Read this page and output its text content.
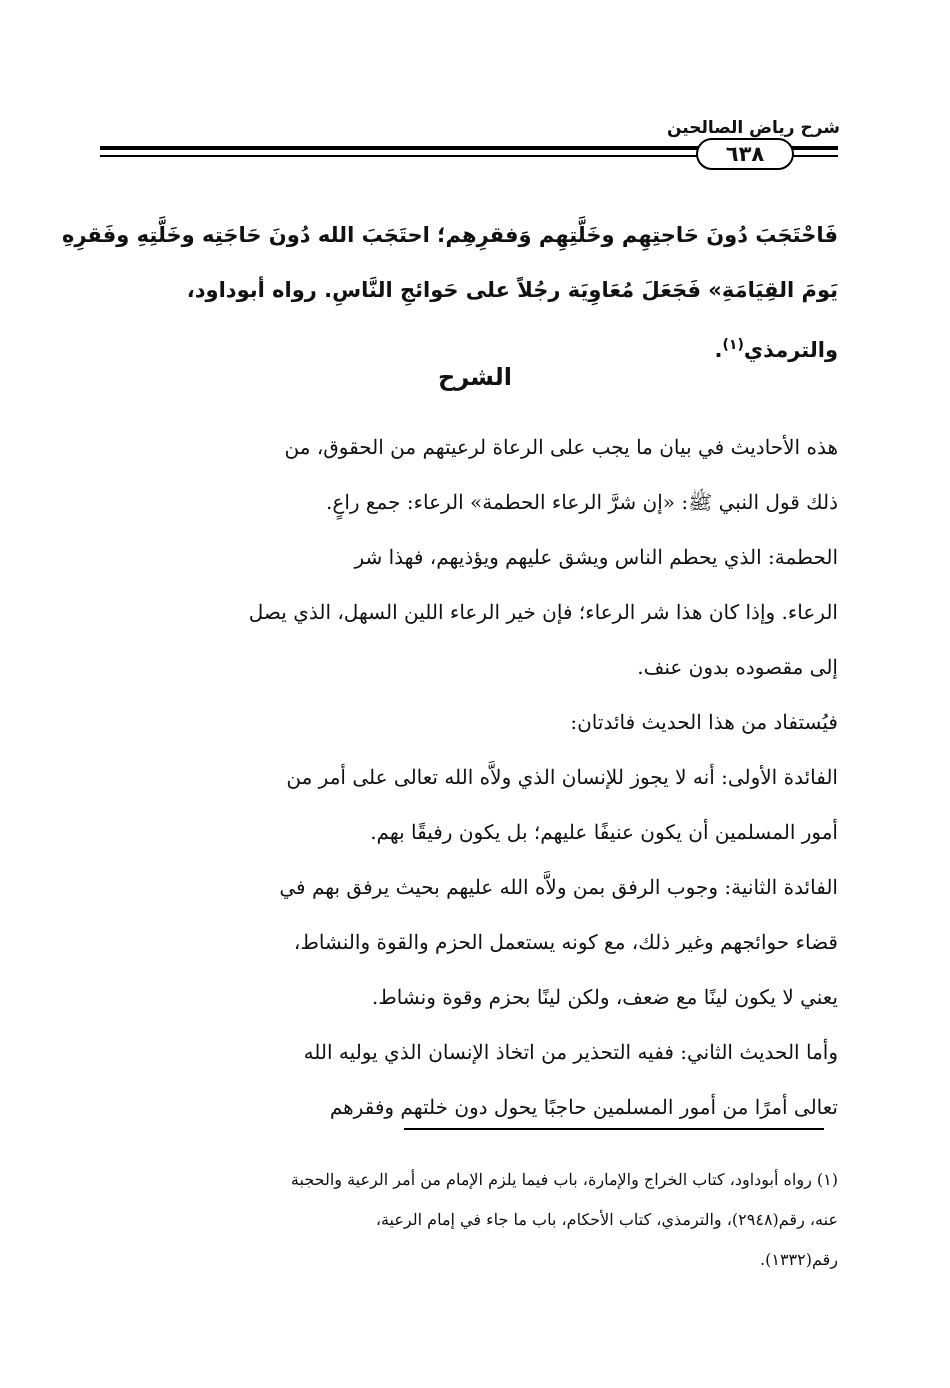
شرح رياض الصالحين
٦٣٨

فَاحْتَجَبَ دُونَ حَاجتِهِم وخَلَّتِهِم وَفقرِهِم؛ احتَجَبَ الله دُونَ حَاجَتِه وخَلَّتِهِ وفَقرِهِ

يَومَ القِيَامَةِ» فَجَعَلَ مُعَاوِيَة رجُلاً على حَوائجِ النَّاسِ. رواه أبوداود،

والترمذي$^{(١)}$.

الشرح

هذه الأحاديث في بيان ما يجب على الرعاة لرعيتهم من الحقوق، من

ذلك قول النبي ﷺ: «إن شرَّ الرعاء الحطمة» الرعاء: جمع راعٍ.

الحطمة: الذي يحطم الناس ويشق عليهم ويؤذيهم، فهذا شر

الرعاء. وإذا كان هذا شر الرعاء؛ فإن خير الرعاء اللين السهل، الذي يصل

إلى مقصوده بدون عنف.

فيُستفاد من هذا الحديث فائدتان:

الفائدة الأولى: أنه لا يجوز للإنسان الذي ولاَّه الله تعالى على أمر من

أمور المسلمين أن يكون عنيفًا عليهم؛ بل يكون رفيقًا بهم.

الفائدة الثانية: وجوب الرفق بمن ولاَّه الله عليهم بحيث يرفق بهم في

قضاء حوائجهم وغير ذلك، مع كونه يستعمل الحزم والقوة والنشاط،

يعني لا يكون لينًا مع ضعف، ولكن لينًا بحزم وقوة ونشاط.

وأما الحديث الثاني: ففيه التحذير من اتخاذ الإنسان الذي يوليه الله

تعالى أمرًا من أمور المسلمين حاجبًا يحول دون خلتهم وفقرهم

(١) رواه أبوداود، كتاب الخراج والإمارة، باب فيما يلزم الإمام من أمر الرعية والحجبة

عنه، رقم(٢٩٤٨)، والترمذي، كتاب الأحكام، باب ما جاء في إمام الرعية،

رقم(١٣٣٢).
